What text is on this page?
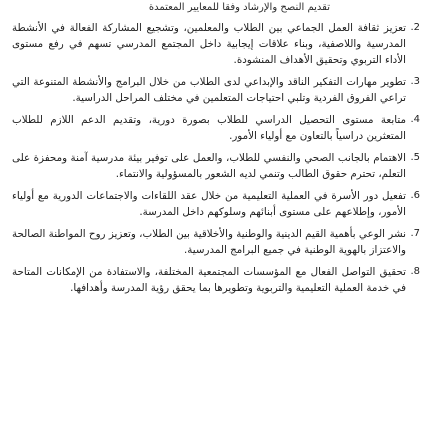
تقديم النصح والإرشاد وفقاً للمعايير المعتمدة
2.
تعزيز ثقافة العمل الجماعي بين الطلاب والمعلمين، وتشجيع المشاركة الفعالة في الأنشطة المدرسية واللاصفية، وبناء علاقات إيجابية داخل المجتمع المدرسي تسهم في رفع مستوى الأداء التربوي وتحقيق الأهداف المنشودة.
3.
تطوير مهارات التفكير الناقد والإبداعي لدى الطلاب من خلال البرامج والأنشطة المتنوعة التي تراعي الفروق الفردية وتلبي احتياجات المتعلمين في مختلف المراحل الدراسية.
4.
متابعة مستوى التحصيل الدراسي للطلاب بصورة دورية، وتقديم الدعم اللازم للطلاب المتعثرين دراسياً بالتعاون مع أولياء الأمور.
5.
الاهتمام بالجانب الصحي والنفسي للطلاب، والعمل على توفير بيئة مدرسية آمنة ومحفزة على التعلم، تحترم حقوق الطالب وتنمي لديه الشعور بالمسؤولية والانتماء.
6.
تفعيل دور الأسرة في العملية التعليمية من خلال عقد اللقاءات والاجتماعات الدورية مع أولياء الأمور، وإطلاعهم على مستوى أبنائهم وسلوكهم داخل المدرسة.
7.
نشر الوعي بأهمية القيم الدينية والوطنية والأخلاقية بين الطلاب، وتعزيز روح المواطنة الصالحة والاعتزاز بالهوية الوطنية في جميع البرامج المدرسية.
8.
تحقيق التواصل الفعال مع المؤسسات المجتمعية المختلفة، والاستفادة من الإمكانات المتاحة في خدمة العملية التعليمية والتربوية وتطويرها بما يحقق رؤية المدرسة وأهدافها.
